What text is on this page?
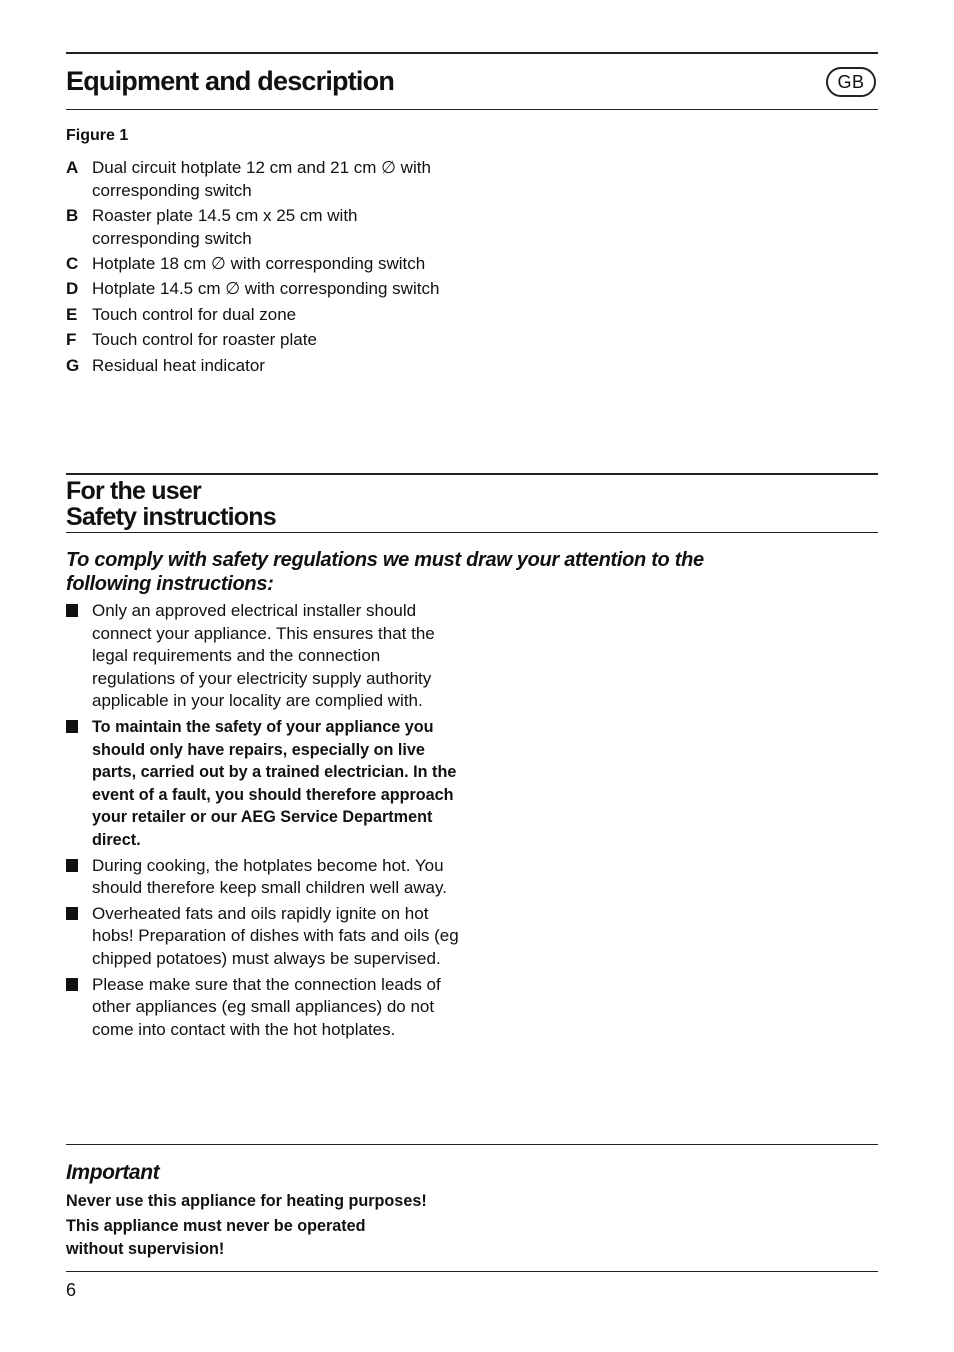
Equipment and description	GB
Figure 1
A Dual circuit hotplate 12 cm and 21 cm ∅ with corresponding switch
B Roaster plate 14.5 cm x 25 cm with corresponding switch
C Hotplate 18 cm ∅ with corresponding switch
D Hotplate 14.5 cm ∅ with corresponding switch
E Touch control for dual zone
F Touch control for roaster plate
G Residual heat indicator
For the user
Safety instructions

To comply with safety regulations we must draw your attention to the following instructions:

Only an approved electrical installer should connect your appliance. This ensures that the legal requirements and the connection regulations of your electricity supply authority applicable in your locality are complied with.
To maintain the safety of your appliance you should only have repairs, especially on live parts, carried out by a trained electrician. In the event of a fault, you should therefore approach your retailer or our AEG Service Department direct.
During cooking, the hotplates become hot. You should therefore keep small children well away.
Overheated fats and oils rapidly ignite on hot hobs! Preparation of dishes with fats and oils (eg chipped potatoes) must always be supervised.
Please make sure that the connection leads of other appliances (eg small appliances) do not come into contact with the hot hotplates.
Important
Never use this appliance for heating purposes!
This appliance must never be operated without supervision!
6
